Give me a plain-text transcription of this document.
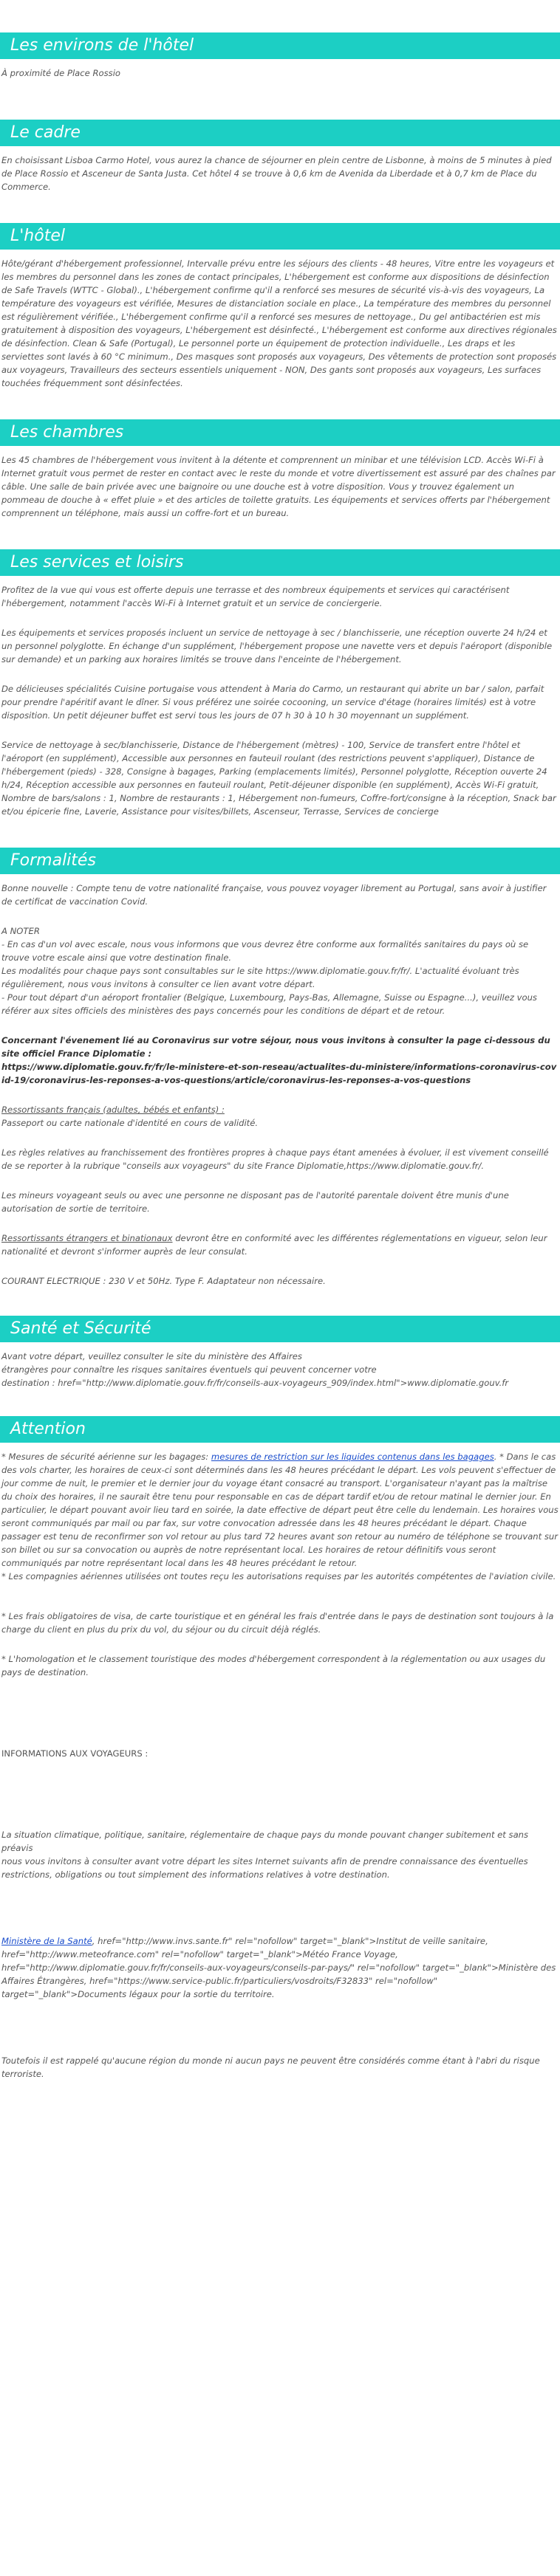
Les environs de l'hôtel

À proximité de Place Rossio

Le cadre

En choisissant Lisboa Carmo Hotel, vous aurez la chance de séjourner en plein centre de Lisbonne, à moins de 5 minutes à pied de Place Rossio et Asceneur de Santa Justa. Cet hôtel 4 se trouve à 0,6 km de Avenida da Liberdade et à 0,7 km de Place du Commerce.

L'hôtel

Hôte/gérant d'hébergement professionnel, Intervalle prévu entre les séjours des clients - 48 heures, Vitre entre les voyageurs et les membres du personnel dans les zones de contact principales, L'hébergement est conforme aux dispositions de désinfection de Safe Travels (WTTC - Global)., L'hébergement confirme qu'il a renforcé ses mesures de sécurité vis-à-vis des voyageurs, La température des voyageurs est vérifiée, Mesures de distanciation sociale en place., La température des membres du personnel est régulièrement vérifiée., L'hébergement confirme qu'il a renforcé ses mesures de nettoyage., Du gel antibactérien est mis gratuitement à disposition des voyageurs, L'hébergement est désinfecté., L'hébergement est conforme aux directives régionales de désinfection. Clean & Safe (Portugal), Le personnel porte un équipement de protection individuelle., Les draps et les serviettes sont lavés à 60 °C minimum., Des masques sont proposés aux voyageurs, Des vêtements de protection sont proposés aux voyageurs, Travailleurs des secteurs essentiels uniquement - NON, Des gants sont proposés aux voyageurs, Les surfaces touchées fréquemment sont désinfectées.

Les chambres

Les 45 chambres de l'hébergement vous invitent à la détente et comprennent un minibar et une télévision LCD. Accès Wi-Fi à Internet gratuit vous permet de rester en contact avec le reste du monde et votre divertissement est assuré par des chaînes par câble. Une salle de bain privée avec une baignoire ou une douche est à votre disposition. Vous y trouvez également un pommeau de douche à « effet pluie » et des articles de toilette gratuits. Les équipements et services offerts par l'hébergement comprennent un téléphone, mais aussi un coffre-fort et un bureau.

Les services et loisirs

Profitez de la vue qui vous est offerte depuis une terrasse et des nombreux équipements et services qui caractérisent l'hébergement, notamment l'accès Wi-Fi à Internet gratuit et un service de conciergerie.

Les équipements et services proposés incluent un service de nettoyage à sec / blanchisserie, une réception ouverte 24 h/24 et un personnel polyglotte. En échange d'un supplément, l'hébergement propose une navette vers et depuis l'aéroport (disponible sur demande) et un parking aux horaires limités se trouve dans l'enceinte de l'hébergement.

De délicieuses spécialités Cuisine portugaise vous attendent à Maria do Carmo, un restaurant qui abrite un bar / salon, parfait pour prendre l'apéritif avant le dîner. Si vous préférez une soirée cocooning, un service d'étage (horaires limités) est à votre disposition. Un petit déjeuner buffet est servi tous les jours de 07 h 30 à 10 h 30 moyennant un supplément.

Service de nettoyage à sec/blanchisserie, Distance de l'hébergement (mètres) - 100, Service de transfert entre l'hôtel et l'aéroport (en supplément), Accessible aux personnes en fauteuil roulant (des restrictions peuvent s'appliquer), Distance de l'hébergement (pieds) - 328, Consigne à bagages, Parking (emplacements limités), Personnel polyglotte, Réception ouverte 24 h/24, Réception accessible aux personnes en fauteuil roulant, Petit-déjeuner disponible (en supplément), Accès Wi-Fi gratuit, Nombre de bars/salons : 1, Nombre de restaurants : 1, Hébergement non-fumeurs, Coffre-fort/consigne à la réception, Snack bar et/ou épicerie fine, Laverie, Assistance pour visites/billets, Ascenseur, Terrasse, Services de concierge

Formalités

Bonne nouvelle : Compte tenu de votre nationalité française, vous pouvez voyager librement au Portugal, sans avoir à justifier de certificat de vaccination Covid.

A NOTER

- En cas d'un vol avec escale, nous vous informons que vous devrez être conforme aux formalités sanitaires du pays où se trouve votre escale ainsi que votre destination finale.

Les modalités pour chaque pays sont consultables sur le site https://www.diplomatie.gouv.fr/fr/. L'actualité évoluant très régulièrement, nous vous invitons à consulter ce lien avant votre départ.

- Pour tout départ d'un aéroport frontalier (Belgique, Luxembourg, Pays-Bas, Allemagne, Suisse ou Espagne...), veuillez vous référer aux sites officiels des ministères des pays concernés pour les conditions de départ et de retour.

Concernant l'évenement lié au Coronavirus sur votre séjour, nous vous invitons à consulter la page ci-dessous du site officiel France Diplomatie :

https://www.diplomatie.gouv.fr/fr/le-ministere-et-son-reseau/actualites-du-ministere/informations-coronavirus-covid-19/coronavirus-les-reponses-a-vos-questions/article/coronavirus-les-reponses-a-vos-questions

Ressortissants français (adultes, bébés et enfants) :

Passeport ou carte nationale d'identité en cours de validité.

Les règles relatives au franchissement des frontières propres à chaque pays étant amenées à évoluer, il est vivement conseillé de se reporter à la rubrique "conseils aux voyageurs" du site France Diplomatie,https://www.diplomatie.gouv.fr/.

Les mineurs voyageant seuls ou avec une personne ne disposant pas de l'autorité parentale doivent être munis d'une autorisation de sortie de territoire.

Ressortissants étrangers et binationaux devront être en conformité avec les différentes réglementations en vigueur, selon leur nationalité et devront s'informer auprès de leur consulat.

COURANT ELECTRIQUE : 230 V et 50Hz. Type F. Adaptateur non nécessaire.

Santé et Sécurité

Avant votre départ, veuillez consulter le site du ministère des Affaires

étrangères pour connaître les risques sanitaires éventuels qui peuvent concerner votre

destination : href="http://www.diplomatie.gouv.fr/fr/conseils-aux-voyageurs_909/index.html">www.diplomatie.gouv.fr

Attention

* Mesures de sécurité aérienne sur les bagages: mesures de restriction sur les liquides contenus dans les bagages. * Dans le cas des vols charter, les horaires de ceux-ci sont déterminés dans les 48 heures précédant le départ. Les vols peuvent s'effectuer de jour comme de nuit, le premier et le dernier jour du voyage étant consacré au transport. L'organisateur n'ayant pas la maîtrise du choix des horaires, il ne saurait être tenu pour responsable en cas de départ tardif et/ou de retour matinal le dernier jour. En particulier, le départ pouvant avoir lieu tard en soirée, la date effective de départ peut être celle du lendemain. Les horaires vous seront communiqués par mail ou par fax, sur votre convocation adressée dans les 48 heures précédant le départ. Chaque passager est tenu de reconfirmer son vol retour au plus tard 72 heures avant son retour au numéro de téléphone se trouvant sur son billet ou sur sa convocation ou auprès de notre représentant local. Les horaires de retour définitifs vous seront communiqués par notre représentant local dans les 48 heures précédant le retour.

* Les compagnies aériennes utilisées ont toutes reçu les autorisations requises par les autorités compétentes de l'aviation civile.

* Les frais obligatoires de visa, de carte touristique et en général les frais d'entrée dans le pays de destination sont toujours à la charge du client en plus du prix du vol, du séjour ou du circuit déjà réglés.

* L'homologation et le classement touristique des modes d'hébergement correspondent à la réglementation ou aux usages du pays de destination.

INFORMATIONS AUX VOYAGEURS :

La situation climatique, politique, sanitaire, réglementaire de chaque pays du monde pouvant changer subitement et sans préavis

nous vous invitons à consulter avant votre départ les sites Internet suivants afin de prendre connaissance des éventuelles restrictions, obligations ou tout simplement des informations relatives à votre destination.

Ministère de la Santé, href="http://www.invs.sante.fr" rel="nofollow" target="_blank">Institut de veille sanitaire, href="http://www.meteofrance.com" rel="nofollow" target="_blank">Météo France Voyage, href="http://www.diplomatie.gouv.fr/fr/conseils-aux-voyageurs/conseils-par-pays/" rel="nofollow" target="_blank">Ministère des Affaires Étrangères, href="https://www.service-public.fr/particuliers/vosdroits/F32833" rel="nofollow" target="_blank">Documents légaux pour la sortie du territoire.

Toutefois il est rappelé qu'aucune région du monde ni aucun pays ne peuvent être considérés comme étant à l'abri du risque terroriste.
